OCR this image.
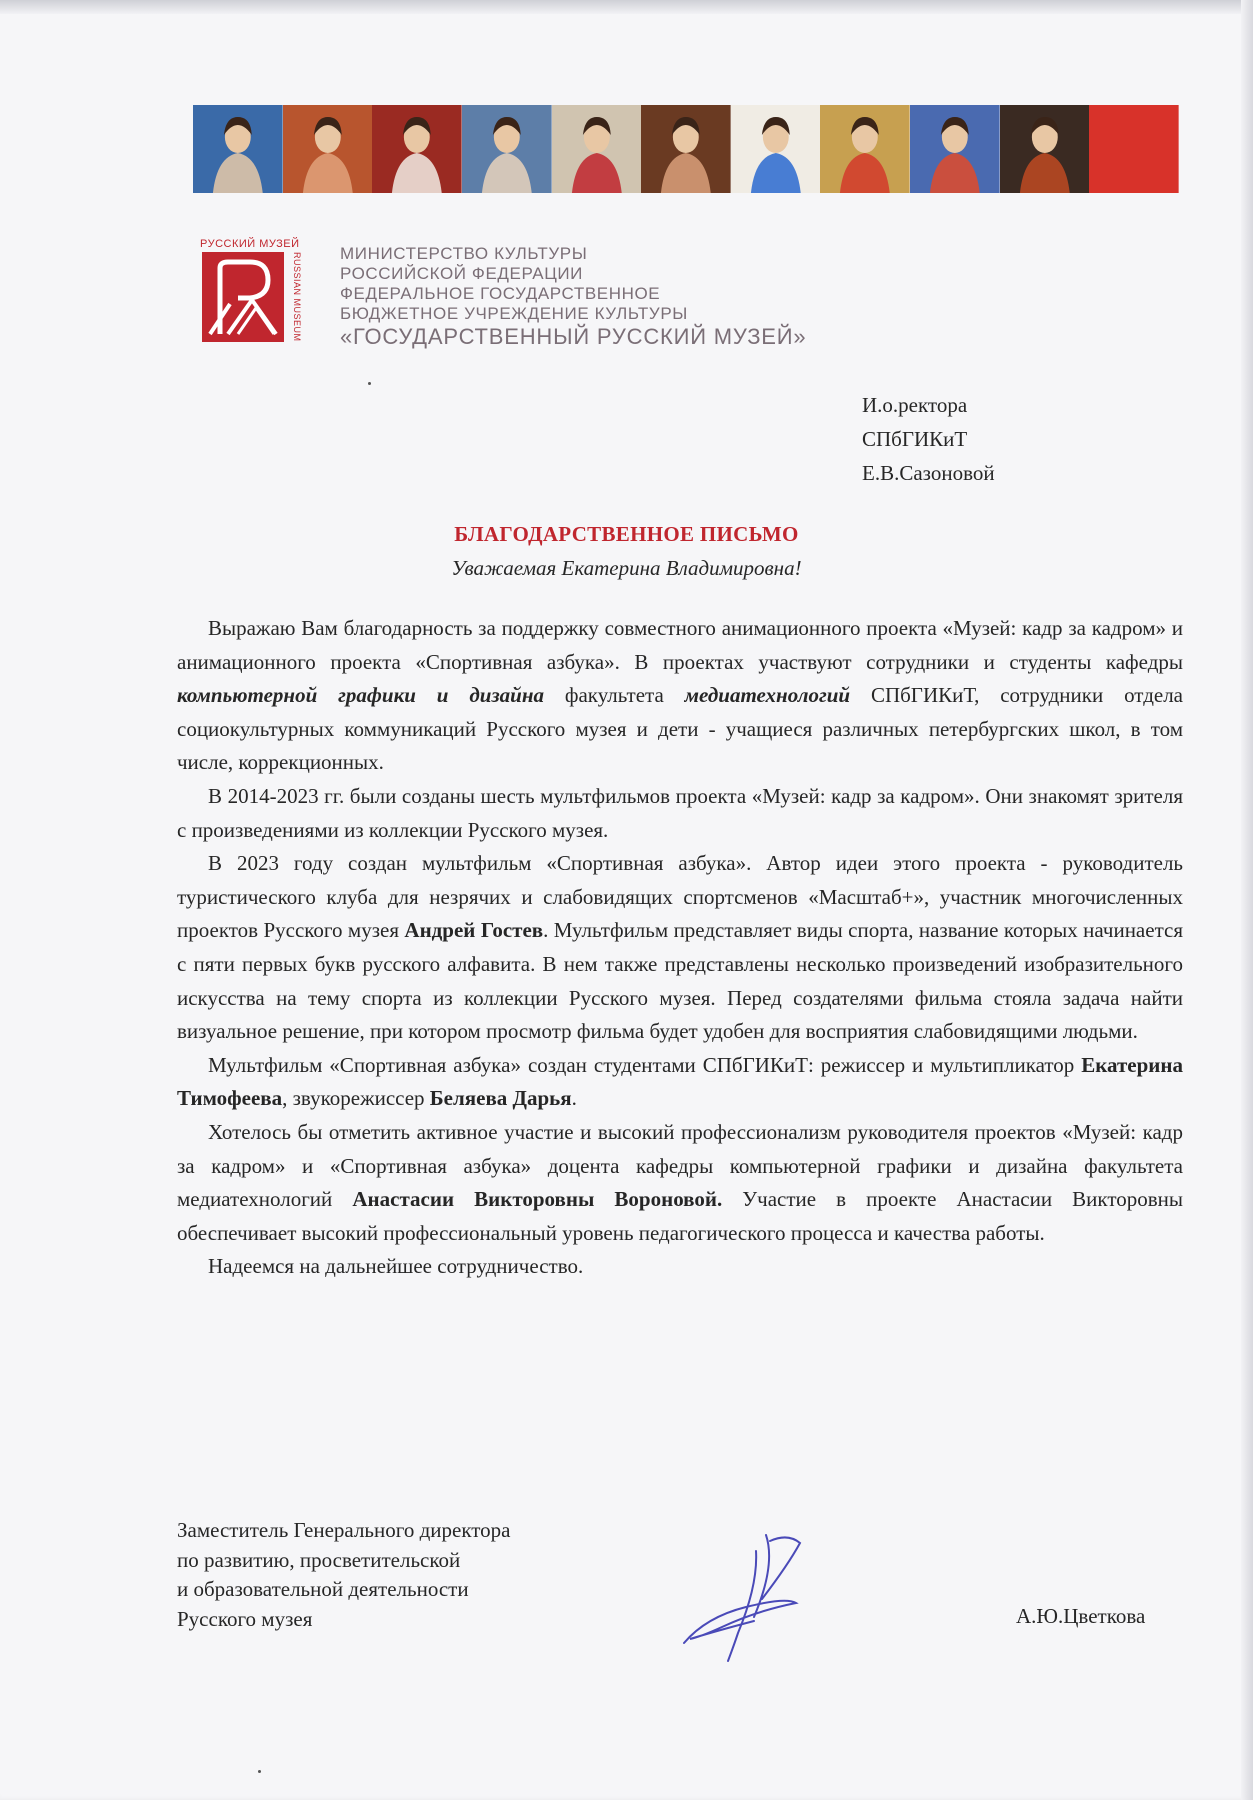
РУССКИЙ МУЗЕЙ
RUSSIAN MUSEUM МИНИСТЕРСТВО КУЛЬТУРЫ
РОССИЙСКОЙ ФЕДЕРАЦИИ
ФЕДЕРАЛЬНОЕ ГОСУДАРСТВЕННОЕ
БЮДЖЕТНОЕ УЧРЕЖДЕНИЕ КУЛЬТУРЫ
«ГОСУДАРСТВЕННЫЙ РУССКИЙ МУЗЕЙ»
И.о.ректора
СПбГИКиТ
Е.В.Сазоновой
БЛАГОДАРСТВЕННОЕ ПИСЬМО
Уважаемая Екатерина Владимировна!

Выражаю Вам благодарность за поддержку совместного анимационного проекта «Музей: кадр за кадром» и анимационного проекта «Спортивная азбука». В проектах участвуют сотрудники и студенты кафедры компьютерной графики и дизайна факультета медиатехнологий СПбГИКиТ, сотрудники отдела социокультурных коммуникаций Русского музея и дети - учащиеся различных петербургских школ, в том числе, коррекционных.

В 2014-2023 гг. были созданы шесть мультфильмов проекта «Музей: кадр за кадром». Они знакомят зрителя с произведениями из коллекции Русского музея.

В 2023 году создан мультфильм «Спортивная азбука». Автор идеи этого проекта - руководитель туристического клуба для незрячих и слабовидящих спортсменов «Масштаб+», участник многочисленных проектов Русского музея Андрей Гостев. Мультфильм представляет виды спорта, название которых начинается с пяти первых букв русского алфавита. В нем также представлены несколько произведений изобразительного искусства на тему спорта из коллекции Русского музея. Перед создателями фильма стояла задача найти визуальное решение, при котором просмотр фильма будет удобен для восприятия слабовидящими людьми.

Мультфильм «Спортивная азбука» создан студентами СПбГИКиТ: режиссер и мультипликатор Екатерина Тимофеева, звукорежиссер Беляева Дарья.

Хотелось бы отметить активное участие и высокий профессионализм руководителя проектов «Музей: кадр за кадром» и «Спортивная азбука» доцента кафедры компьютерной графики и дизайна факультета медиатехнологий Анастасии Викторовны Вороновой. Участие в проекте Анастасии Викторовны обеспечивает высокий профессиональный уровень педагогического процесса и качества работы.

Надеемся на дальнейшее сотрудничество.

Заместитель Генерального директора
по развитию, просветительской
и образовательной деятельности
Русского музея	А.Ю.Цветкова
